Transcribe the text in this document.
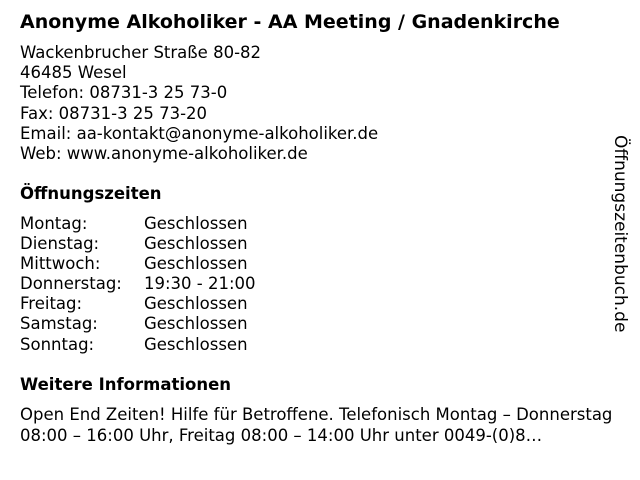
Anonyme Alkoholiker - AA Meeting / Gnadenkirche
Wackenbrucher Straße 80-82
46485 Wesel
Telefon: 08731-3 25 73-0
Fax: 08731-3 25 73-20
Email: aa-kontakt@anonyme-alkoholiker.de
Web: www.anonyme-alkoholiker.de
Öffnungszeiten
Montag:	Geschlossen
Dienstag:	Geschlossen
Mittwoch:	Geschlossen
Donnerstag:	19:30 - 21:00
Freitag:	Geschlossen
Samstag:	Geschlossen
Sonntag:	Geschlossen
Weitere Informationen
Open End Zeiten! Hilfe für Betroffene. Telefonisch Montag – Donnerstag 08:00 – 16:00 Uhr, Freitag 08:00 – 14:00 Uhr unter 0049-(0)8…
Öffnungszeitenbuch.de
